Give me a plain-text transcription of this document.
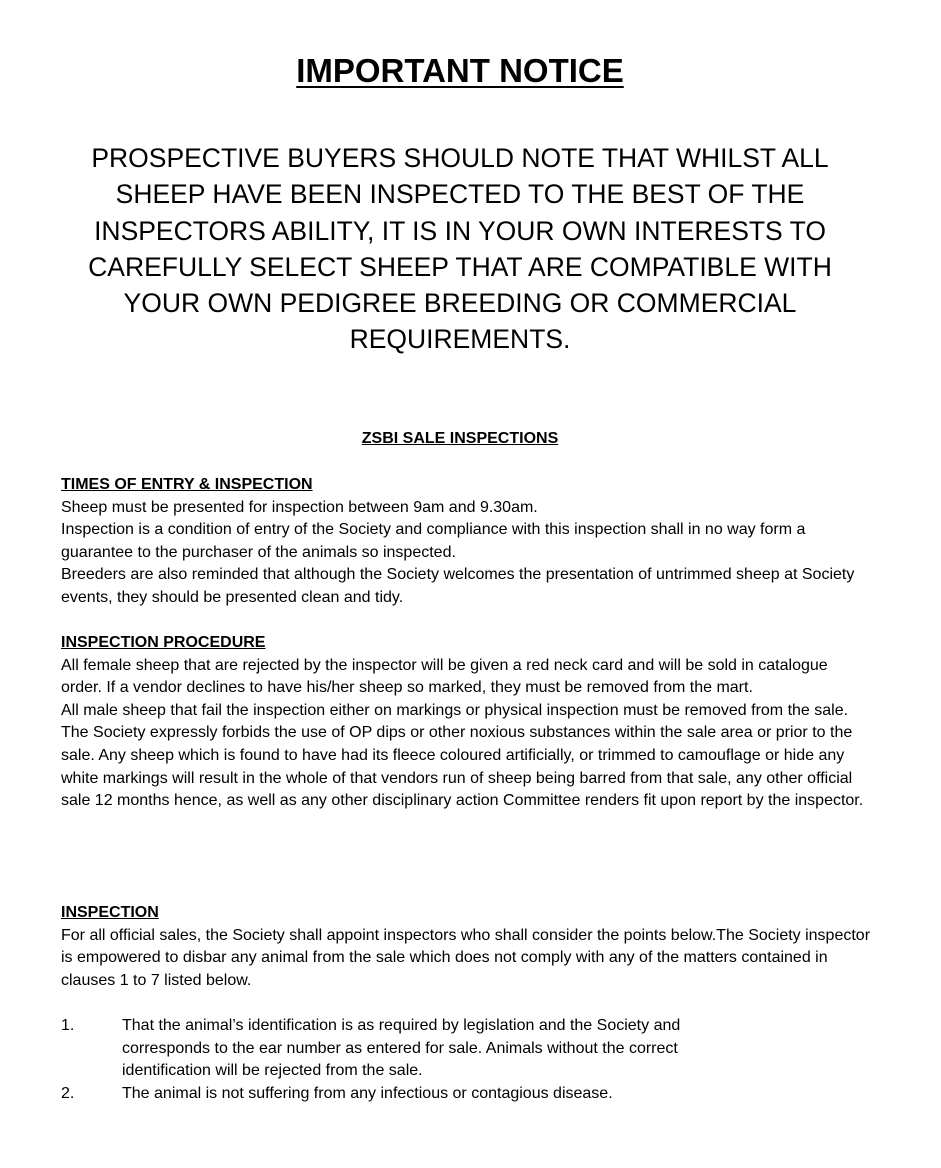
IMPORTANT NOTICE

PROSPECTIVE BUYERS SHOULD NOTE THAT WHILST ALL SHEEP HAVE BEEN INSPECTED TO THE BEST OF THE INSPECTORS ABILITY, IT IS IN YOUR OWN INTERESTS TO CAREFULLY SELECT SHEEP THAT ARE COMPATIBLE WITH YOUR OWN PEDIGREE BREEDING OR COMMERCIAL REQUIREMENTS.

ZSBI SALE INSPECTIONS
TIMES OF ENTRY & INSPECTION

Sheep must be presented for inspection between 9am and 9.30am.

Inspection is a condition of entry of the Society and compliance with this inspection shall in no way form a guarantee to the purchaser of the animals so inspected.

Breeders are also reminded that although the Society welcomes the presentation of untrimmed sheep at Society events, they should be presented clean and tidy.

INSPECTION PROCEDURE

All female sheep that are rejected by the inspector will be given a red neck card and will be sold in catalogue order. If a vendor declines to have his/her sheep so marked, they must be removed from the mart.

All male sheep that fail the inspection either on markings or physical inspection must be removed from the sale.

The Society expressly forbids the use of OP dips or other noxious substances within the sale area or prior to the sale. Any sheep which is found to have had its fleece coloured artificially, or trimmed to camouflage or hide any white markings will result in the whole of that vendors run of sheep being barred from that sale, any other official sale 12 months hence, as well as any other disciplinary action Committee renders fit upon report by the inspector.

INSPECTION

For all official sales, the Society shall appoint inspectors who shall consider the points below.The Society inspector is empowered to disbar any animal from the sale which does not comply with any of the matters contained in clauses 1 to 7 listed below.

1.	That the animal’s identification is as required by legislation and the Society and corresponds to the ear number as entered for sale. Animals without the correct identification will be rejected from the sale.
2.	The animal is not suffering from any infectious or contagious disease.
